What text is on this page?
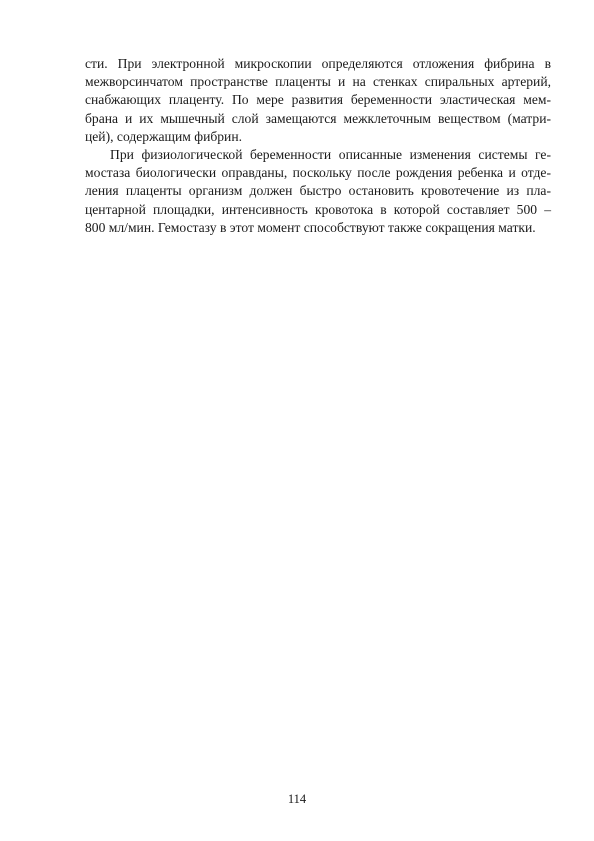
сти. При электронной микроскопии определяются отложения фибрина в
межворсинчатом пространстве плаценты и на стенках спиральных артерий,
снабжающих плаценту. По мере развития беременности эластическая мем-
брана и их мышечный слой замещаются межклеточным веществом (матри-
цей), содержащим фибрин.
При физиологической беременности описанные изменения системы ге-
мостаза биологически оправданы, поскольку после рождения ребенка и отде-
ления плаценты организм должен быстро остановить кровотечение из пла-
центарной площадки, интенсивность кровотока в которой составляет 500 –
800 мл/мин. Гемостазу в этот момент способствуют также сокращения матки.
114
